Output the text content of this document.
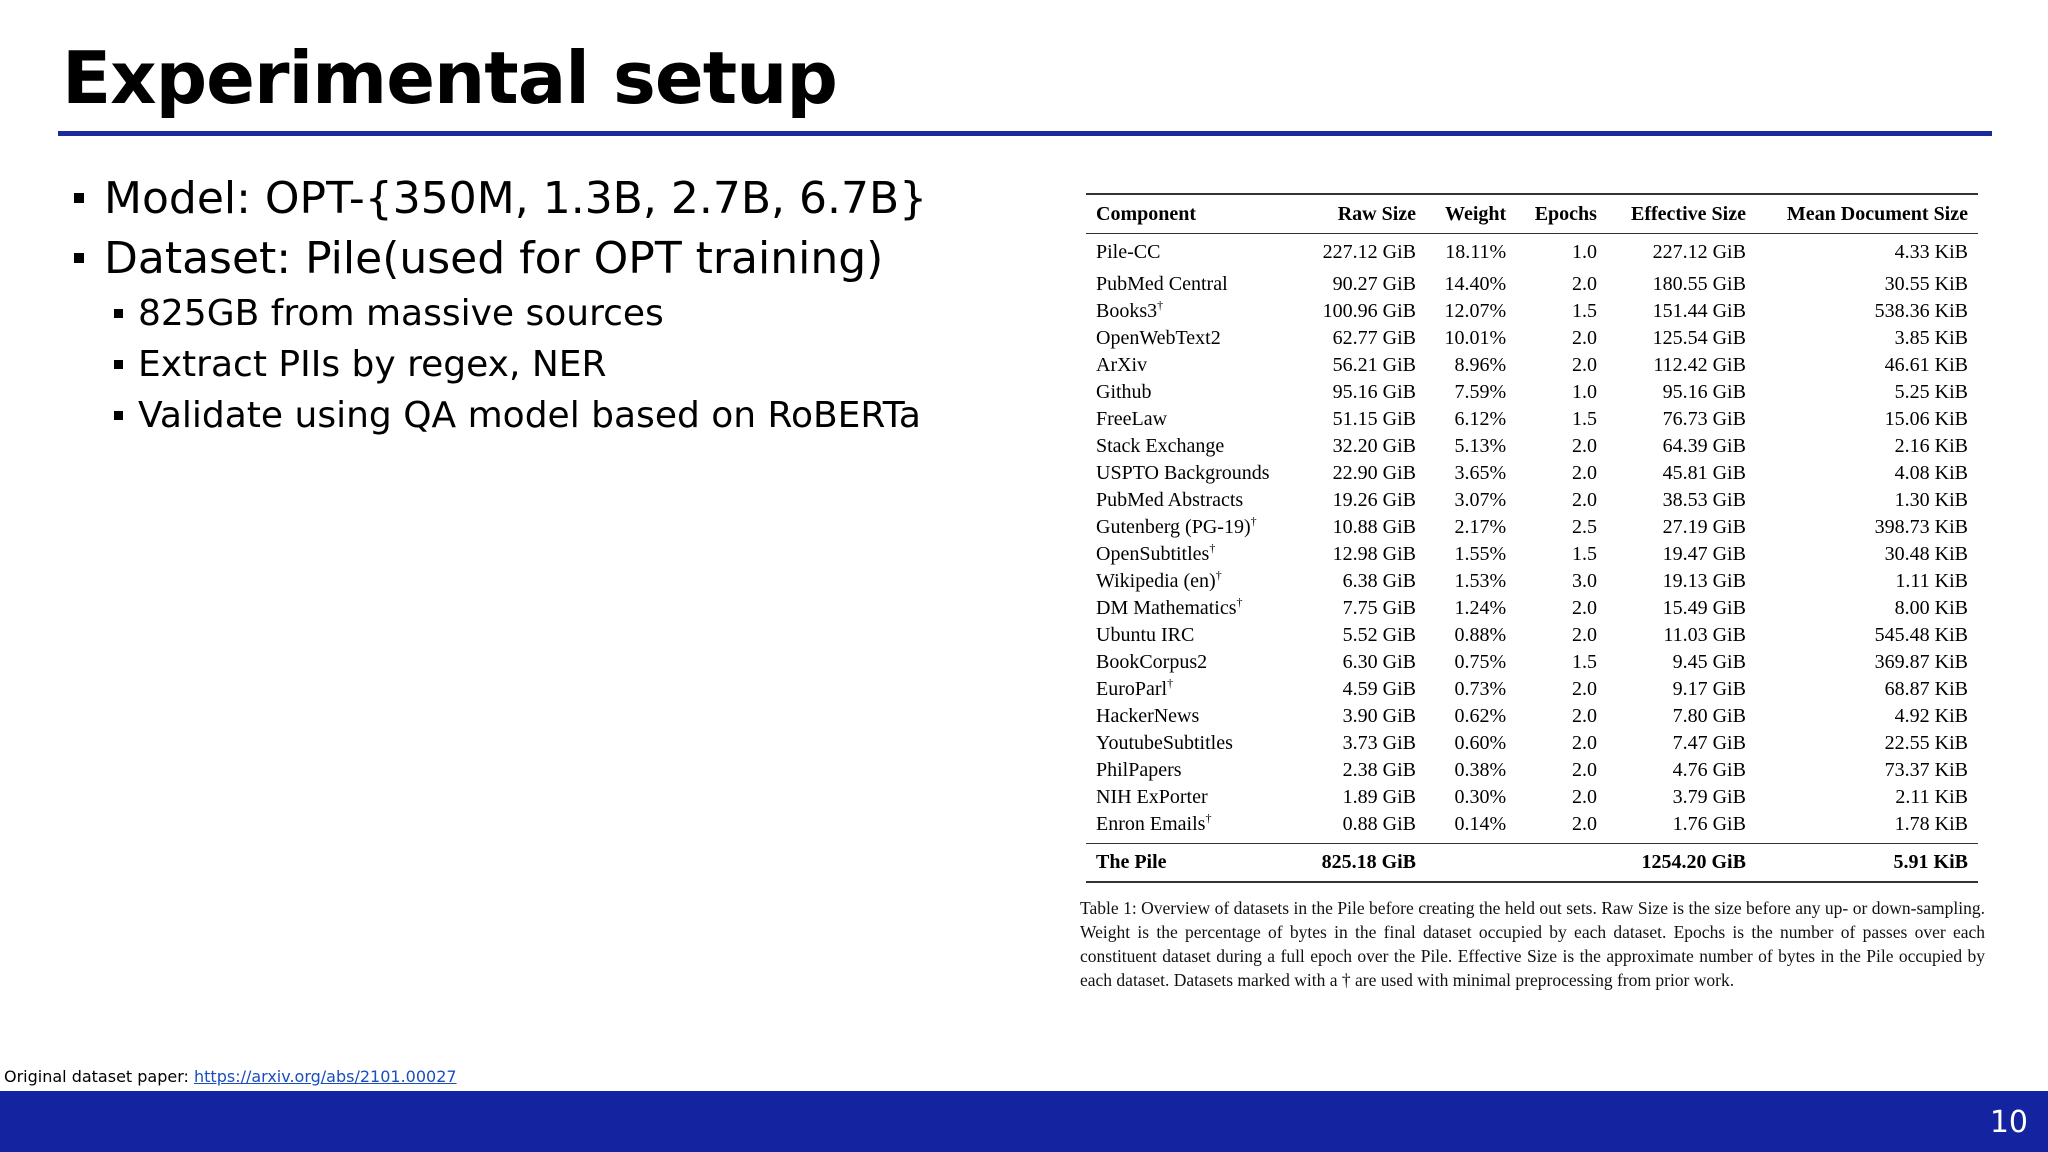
Experimental setup
Model: OPT-{350M, 1.3B, 2.7B, 6.7B}
Dataset: Pile(used for OPT training)
825GB from massive sources
Extract PIIs by regex, NER
Validate using QA model based on RoBERTa
Component	Raw Size	Weight	Epochs	Effective Size	Mean Document Size
Pile-CC	227.12 GiB	18.11%	1.0	227.12 GiB	4.33 KiB
PubMed Central	90.27 GiB	14.40%	2.0	180.55 GiB	30.55 KiB
Books3†	100.96 GiB	12.07%	1.5	151.44 GiB	538.36 KiB
OpenWebText2	62.77 GiB	10.01%	2.0	125.54 GiB	3.85 KiB
ArXiv	56.21 GiB	8.96%	2.0	112.42 GiB	46.61 KiB
Github	95.16 GiB	7.59%	1.0	95.16 GiB	5.25 KiB
FreeLaw	51.15 GiB	6.12%	1.5	76.73 GiB	15.06 KiB
Stack Exchange	32.20 GiB	5.13%	2.0	64.39 GiB	2.16 KiB
USPTO Backgrounds	22.90 GiB	3.65%	2.0	45.81 GiB	4.08 KiB
PubMed Abstracts	19.26 GiB	3.07%	2.0	38.53 GiB	1.30 KiB
Gutenberg (PG-19)†	10.88 GiB	2.17%	2.5	27.19 GiB	398.73 KiB
OpenSubtitles†	12.98 GiB	1.55%	1.5	19.47 GiB	30.48 KiB
Wikipedia (en)†	6.38 GiB	1.53%	3.0	19.13 GiB	1.11 KiB
DM Mathematics†	7.75 GiB	1.24%	2.0	15.49 GiB	8.00 KiB
Ubuntu IRC	5.52 GiB	0.88%	2.0	11.03 GiB	545.48 KiB
BookCorpus2	6.30 GiB	0.75%	1.5	9.45 GiB	369.87 KiB
EuroParl†	4.59 GiB	0.73%	2.0	9.17 GiB	68.87 KiB
HackerNews	3.90 GiB	0.62%	2.0	7.80 GiB	4.92 KiB
YoutubeSubtitles	3.73 GiB	0.60%	2.0	7.47 GiB	22.55 KiB
PhilPapers	2.38 GiB	0.38%	2.0	4.76 GiB	73.37 KiB
NIH ExPorter	1.89 GiB	0.30%	2.0	3.79 GiB	2.11 KiB
Enron Emails†	0.88 GiB	0.14%	2.0	1.76 GiB	1.78 KiB
The Pile	825.18 GiB			1254.20 GiB	5.91 KiB
Table 1: Overview of datasets in the Pile before creating the held out sets. Raw Size is the size before any up- or down-sampling. Weight is the percentage of bytes in the final dataset occupied by each dataset. Epochs is the number of passes over each constituent dataset during a full epoch over the Pile. Effective Size is the approximate number of bytes in the Pile occupied by each dataset. Datasets marked with a † are used with minimal preprocessing from prior work.
Original dataset paper: https://arxiv.org/abs/2101.00027
10
